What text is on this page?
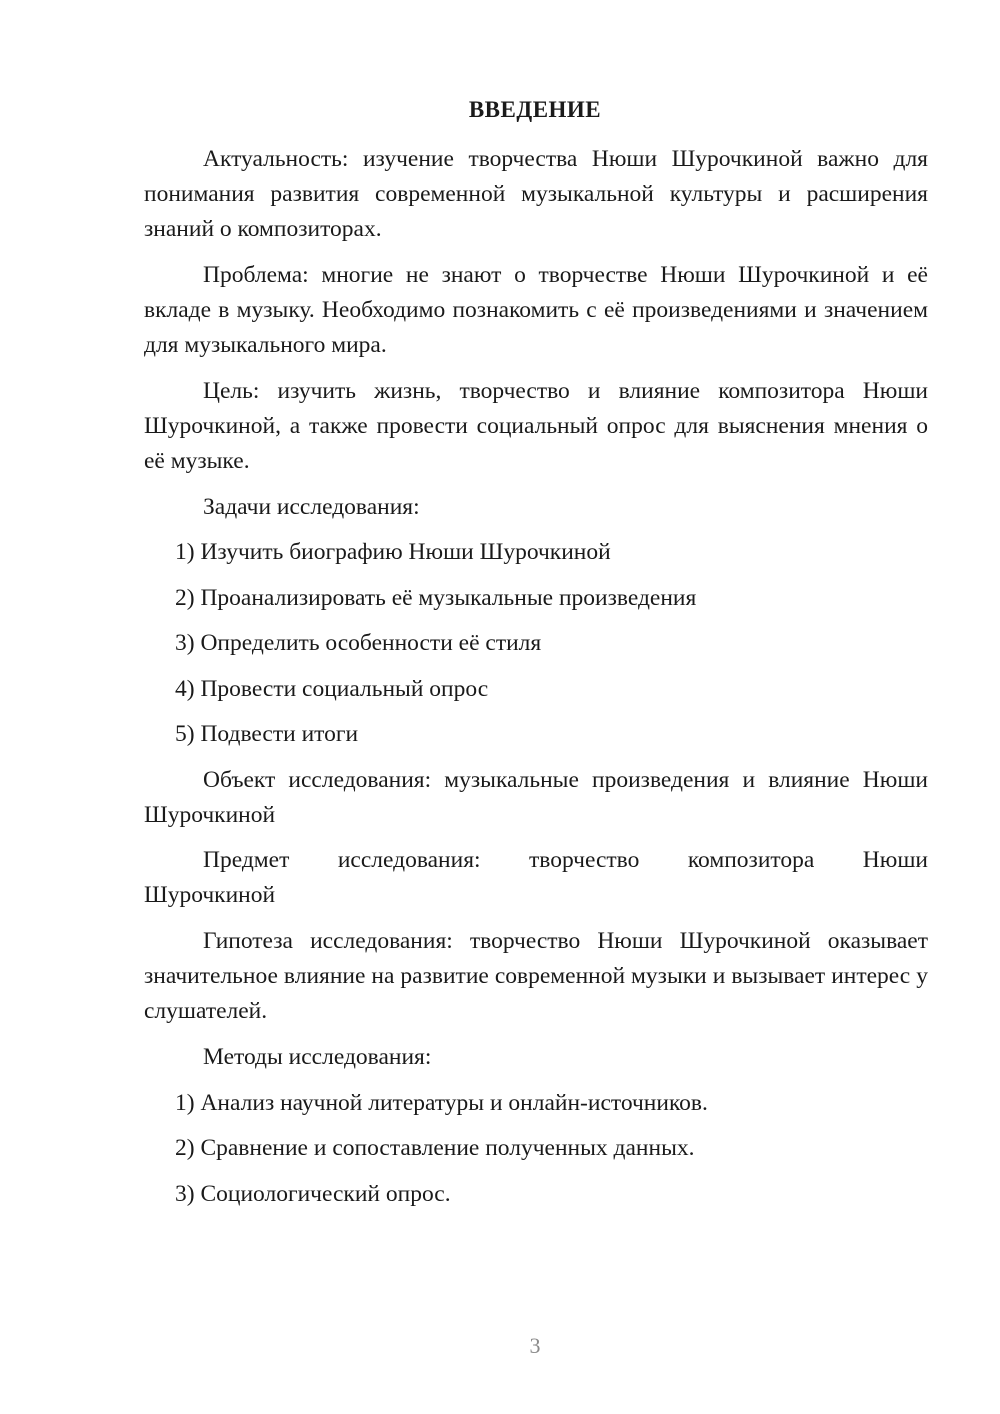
ВВЕДЕНИЕ
Актуальность: изучение творчества Нюши Шурочкиной важно для понимания развития современной музыкальной культуры и расширения знаний о композиторах.
Проблема: многие не знают о творчестве Нюши Шурочкиной и её вкладе в музыку. Необходимо познакомить с её произведениями и значением для музыкального мира.
Цель: изучить жизнь, творчество и влияние композитора Нюши Шурочкиной, а также провести социальный опрос для выяснения мнения о её музыке.
Задачи исследования:
1) Изучить биографию Нюши Шурочкиной
2) Проанализировать её музыкальные произведения
3) Определить особенности её стиля
4) Провести социальный опрос
5) Подвести итоги
Объект исследования: музыкальные произведения и влияние Нюши Шурочкиной
Предмет исследования: творчество композитора Нюши
Шурочкиной
Гипотеза исследования: творчество Нюши Шурочкиной оказывает значительное влияние на развитие современной музыки и вызывает интерес у слушателей.
Методы исследования:
1) Анализ научной литературы и онлайн-источников.
2) Сравнение и сопоставление полученных данных.
3) Социологический опрос.
3
